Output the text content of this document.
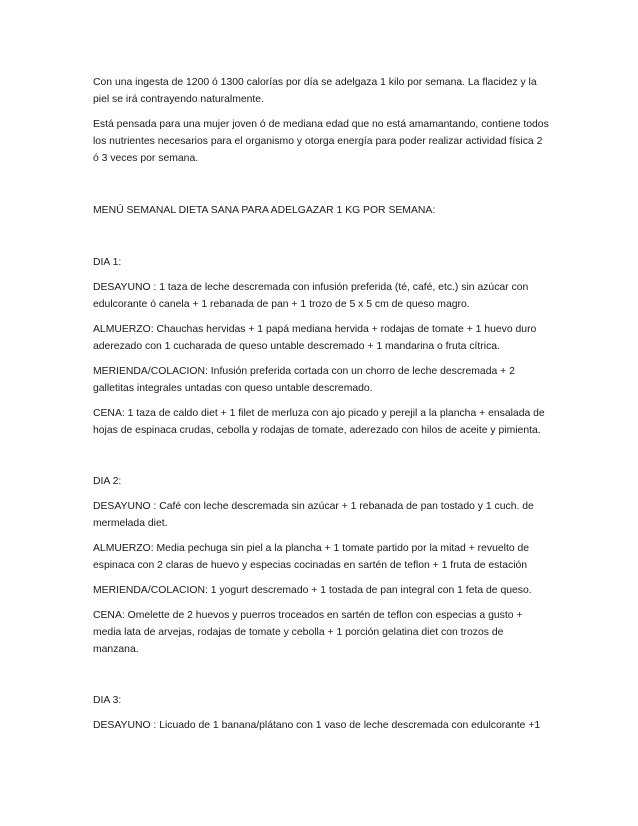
Con una ingesta de 1200 ó 1300 calorías por día se adelgaza 1 kilo por semana. La flacidez y la piel se irá contrayendo naturalmente.

Está pensada para una mujer joven ó de mediana edad que no está amamantando, contiene todos los nutrientes necesarios para el organismo y otorga energía para poder realizar actividad física 2 ó 3 veces por semana.

MENÚ SEMANAL DIETA SANA PARA ADELGAZAR 1 KG POR SEMANA:

DIA 1:

DESAYUNO : 1 taza de leche descremada con infusión preferida (té, café, etc.) sin azúcar con edulcorante ó canela + 1 rebanada de pan + 1 trozo de 5 x 5 cm de queso magro.

ALMUERZO: Chauchas hervidas + 1 papá mediana hervida + rodajas de tomate + 1 huevo duro aderezado con 1 cucharada de queso untable descremado + 1 mandarina o fruta cítrica.

MERIENDA/COLACION: Infusión preferida cortada con un chorro de leche descremada + 2 galletitas integrales untadas con queso untable descremado.

CENA: 1 taza de caldo diet + 1 filet de merluza con ajo picado y perejil a la plancha + ensalada de hojas de espinaca crudas, cebolla y rodajas de tomate, aderezado con hilos de aceite y pimienta.

DIA 2:

DESAYUNO : Café con leche descremada sin azúcar + 1 rebanada de pan tostado y 1 cuch. de mermelada diet.

ALMUERZO: Media pechuga sin piel a la plancha + 1 tomate partido por la mitad + revuelto de espinaca con 2 claras de huevo y especias cocinadas en sartén de teflon + 1 fruta de estación

MERIENDA/COLACION: 1 yogurt descremado + 1 tostada de pan integral con 1 feta de queso.

CENA: Omelette de 2 huevos y puerros troceados en sartén de teflon con especias a gusto + media lata de arvejas, rodajas de tomate y cebolla + 1 porción gelatina diet con trozos de manzana.

DIA 3:

DESAYUNO : Licuado de 1 banana/plátano con 1 vaso de leche descremada con edulcorante +1
